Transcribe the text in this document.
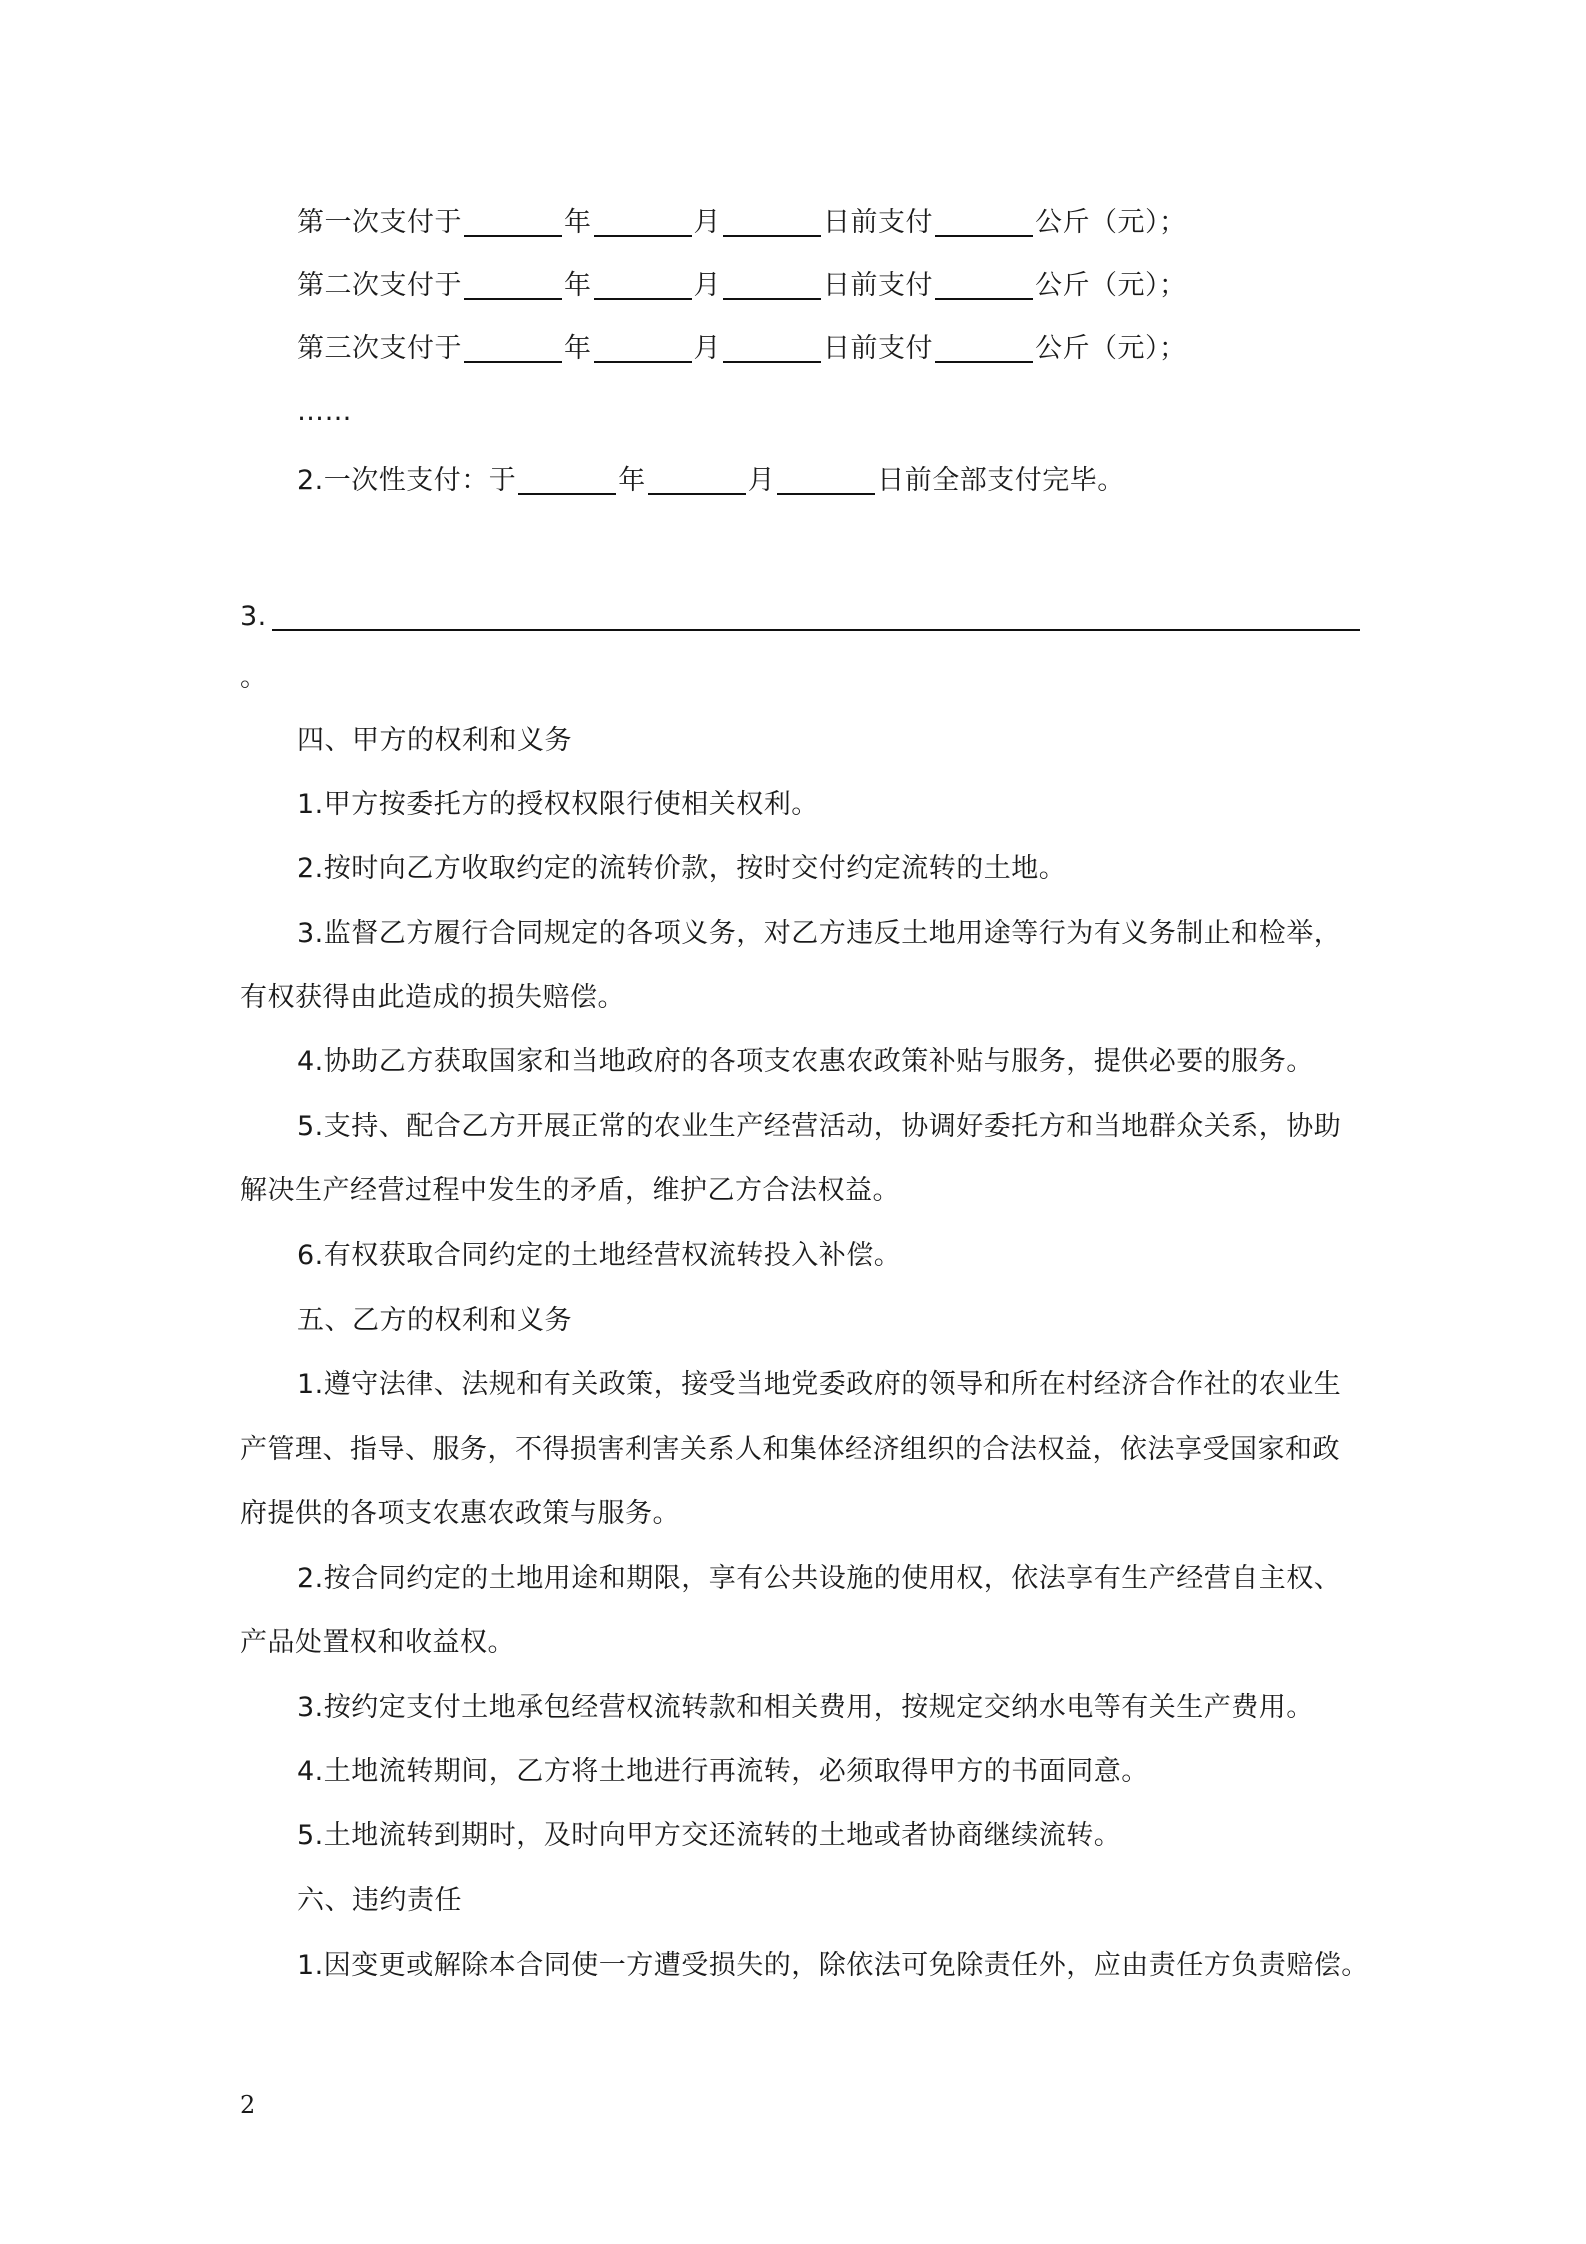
第一次支付于	年	月	日前支付	公斤（元）；
第二次支付于	年	月	日前支付	公斤（元）；
第三次支付于	年	月	日前支付	公斤（元）；
……
2.一次性支付：于	年	月	日前全部支付完毕。
3.
。
四、甲方的权利和义务
1.甲方按委托方的授权权限行使相关权利。
2.按时向乙方收取约定的流转价款，按时交付约定流转的土地。
3.监督乙方履行合同规定的各项义务，对乙方违反土地用途等行为有义务制止和检举，
有权获得由此造成的损失赔偿。
4.协助乙方获取国家和当地政府的各项支农惠农政策补贴与服务，提供必要的服务。
5.支持、配合乙方开展正常的农业生产经营活动，协调好委托方和当地群众关系，协助
解决生产经营过程中发生的矛盾，维护乙方合法权益。
6.有权获取合同约定的土地经营权流转投入补偿。
五、乙方的权利和义务
1.遵守法律、法规和有关政策，接受当地党委政府的领导和所在村经济合作社的农业生
产管理、指导、服务，不得损害利害关系人和集体经济组织的合法权益，依法享受国家和政
府提供的各项支农惠农政策与服务。
2.按合同约定的土地用途和期限，享有公共设施的使用权，依法享有生产经营自主权、
产品处置权和收益权。
3.按约定支付土地承包经营权流转款和相关费用，按规定交纳水电等有关生产费用。
4.土地流转期间，乙方将土地进行再流转，必须取得甲方的书面同意。
5.土地流转到期时，及时向甲方交还流转的土地或者协商继续流转。
六、违约责任
1.因变更或解除本合同使一方遭受损失的，除依法可免除责任外，应由责任方负责赔偿。
2
